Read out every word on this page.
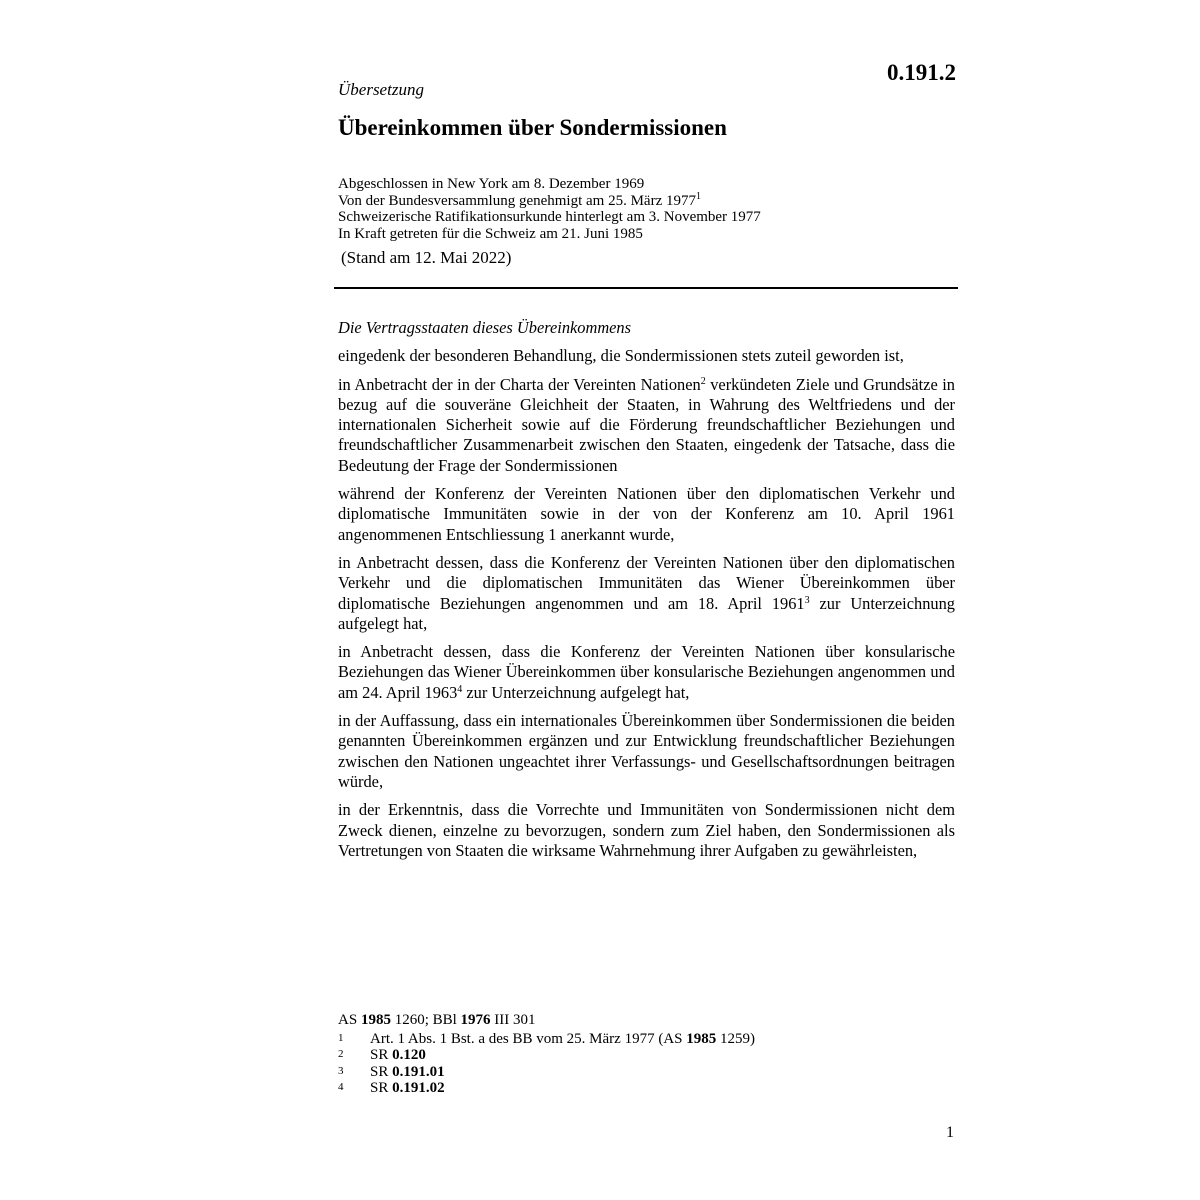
0.191.2
Übersetzung
Übereinkommen über Sondermissionen
Abgeschlossen in New York am 8. Dezember 1969
Von der Bundesversammlung genehmigt am 25. März 1977$^1$
Schweizerische Ratifikationsurkunde hinterlegt am 3. November 1977
In Kraft getreten für die Schweiz am 21. Juni 1985
(Stand am 12. Mai 2022)
Die Vertragsstaaten dieses Übereinkommens

eingedenk der besonderen Behandlung, die Sondermissionen stets zuteil geworden ist,

in Anbetracht der in der Charta der Vereinten Nationen$^2$ verkündeten Ziele und Grundsätze in bezug auf die souveräne Gleichheit der Staaten, in Wahrung des Weltfriedens und der internationalen Sicherheit sowie auf die Förderung freundschaftlicher Beziehungen und freundschaftlicher Zusammenarbeit zwischen den Staaten, eingedenk der Tatsache, dass die Bedeutung der Frage der Sondermissionen

während der Konferenz der Vereinten Nationen über den diplomatischen Verkehr und diplomatische Immunitäten sowie in der von der Konferenz am 10. April 1961 angenommenen Entschliessung 1 anerkannt wurde,

in Anbetracht dessen, dass die Konferenz der Vereinten Nationen über den diplomatischen Verkehr und die diplomatischen Immunitäten das Wiener Übereinkommen über diplomatische Beziehungen angenommen und am 18. April 1961$^3$ zur Unterzeichnung aufgelegt hat,

in Anbetracht dessen, dass die Konferenz der Vereinten Nationen über konsularische Beziehungen das Wiener Übereinkommen über konsularische Beziehungen angenommen und am 24. April 1963$^4$ zur Unterzeichnung aufgelegt hat,

in der Auffassung, dass ein internationales Übereinkommen über Sondermissionen die beiden genannten Übereinkommen ergänzen und zur Entwicklung freundschaftlicher Beziehungen zwischen den Nationen ungeachtet ihrer Verfassungs- und Gesellschaftsordnungen beitragen würde,

in der Erkenntnis, dass die Vorrechte und Immunitäten von Sondermissionen nicht dem Zweck dienen, einzelne zu bevorzugen, sondern zum Ziel haben, den Sondermissionen als Vertretungen von Staaten die wirksame Wahrnehmung ihrer Aufgaben zu gewährleisten,

AS 1985 1260; BBl 1976 III 301
1	Art. 1 Abs. 1 Bst. a des BB vom 25. März 1977 (AS 1985 1259)
2	SR 0.120
3	SR 0.191.01
4	SR 0.191.02
1
